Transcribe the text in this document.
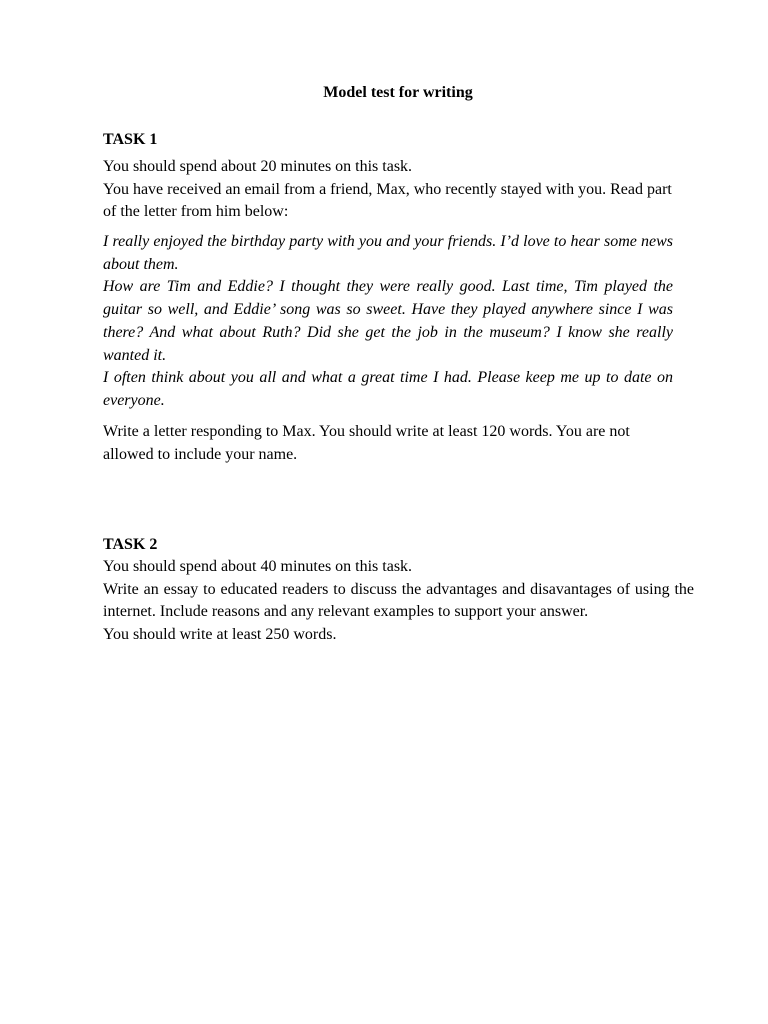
Model test for writing
TASK 1
You should spend about 20 minutes on this task.
You have received an email from a friend, Max, who recently stayed with you. Read part of the letter from him below:
I really enjoyed the birthday party with you and your friends. I’d love to hear some news about them.
How are Tim and Eddie? I thought they were really good. Last time, Tim played the guitar so well, and Eddie’ song was so sweet. Have they played anywhere since I was there? And what about Ruth? Did she get the job in the museum? I know she really wanted it.
I often think about you all and what a great time I had. Please keep me up to date on everyone.
Write a letter responding to Max. You should write at least 120 words. You are not allowed to include your name.
TASK 2
You should spend about 40 minutes on this task.
Write an essay to educated readers to discuss the advantages and disavantages of using the internet. Include reasons and any relevant examples to support your answer.
You should write at least 250 words.
